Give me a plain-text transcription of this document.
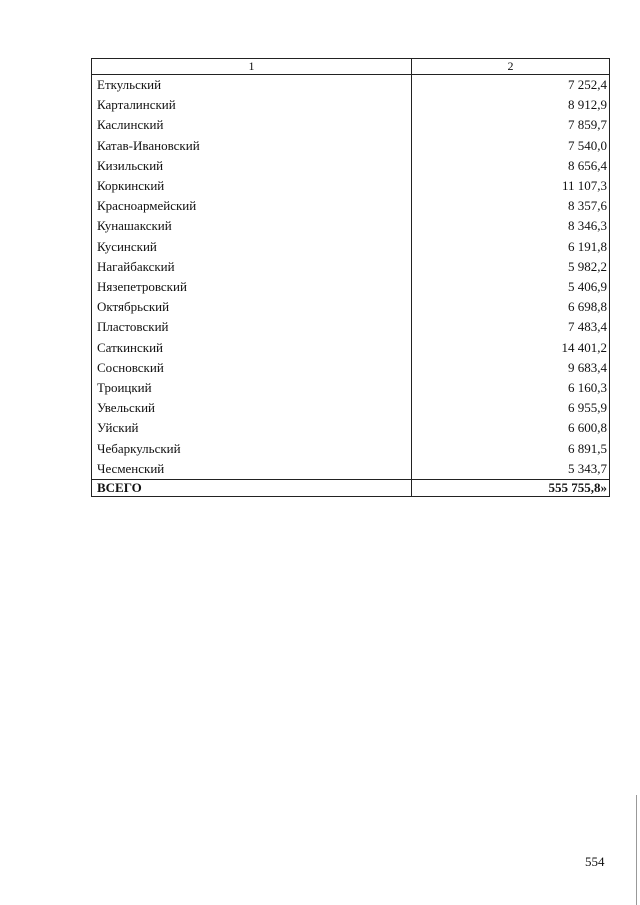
1	2
Еткульский	7 252,4
Карталинский	8 912,9
Каслинский	7 859,7
Катав-Ивановский	7 540,0
Кизильский	8 656,4
Коркинский	11 107,3
Красноармейский	8 357,6
Кунашакский	8 346,3
Кусинский	6 191,8
Нагайбакский	5 982,2
Нязепетровский	5 406,9
Октябрьский	6 698,8
Пластовский	7 483,4
Саткинский	14 401,2
Сосновский	9 683,4
Троицкий	6 160,3
Увельский	6 955,9
Уйский	6 600,8
Чебаркульский	6 891,5
Чесменский	5 343,7
ВСЕГО	555 755,8»
554
